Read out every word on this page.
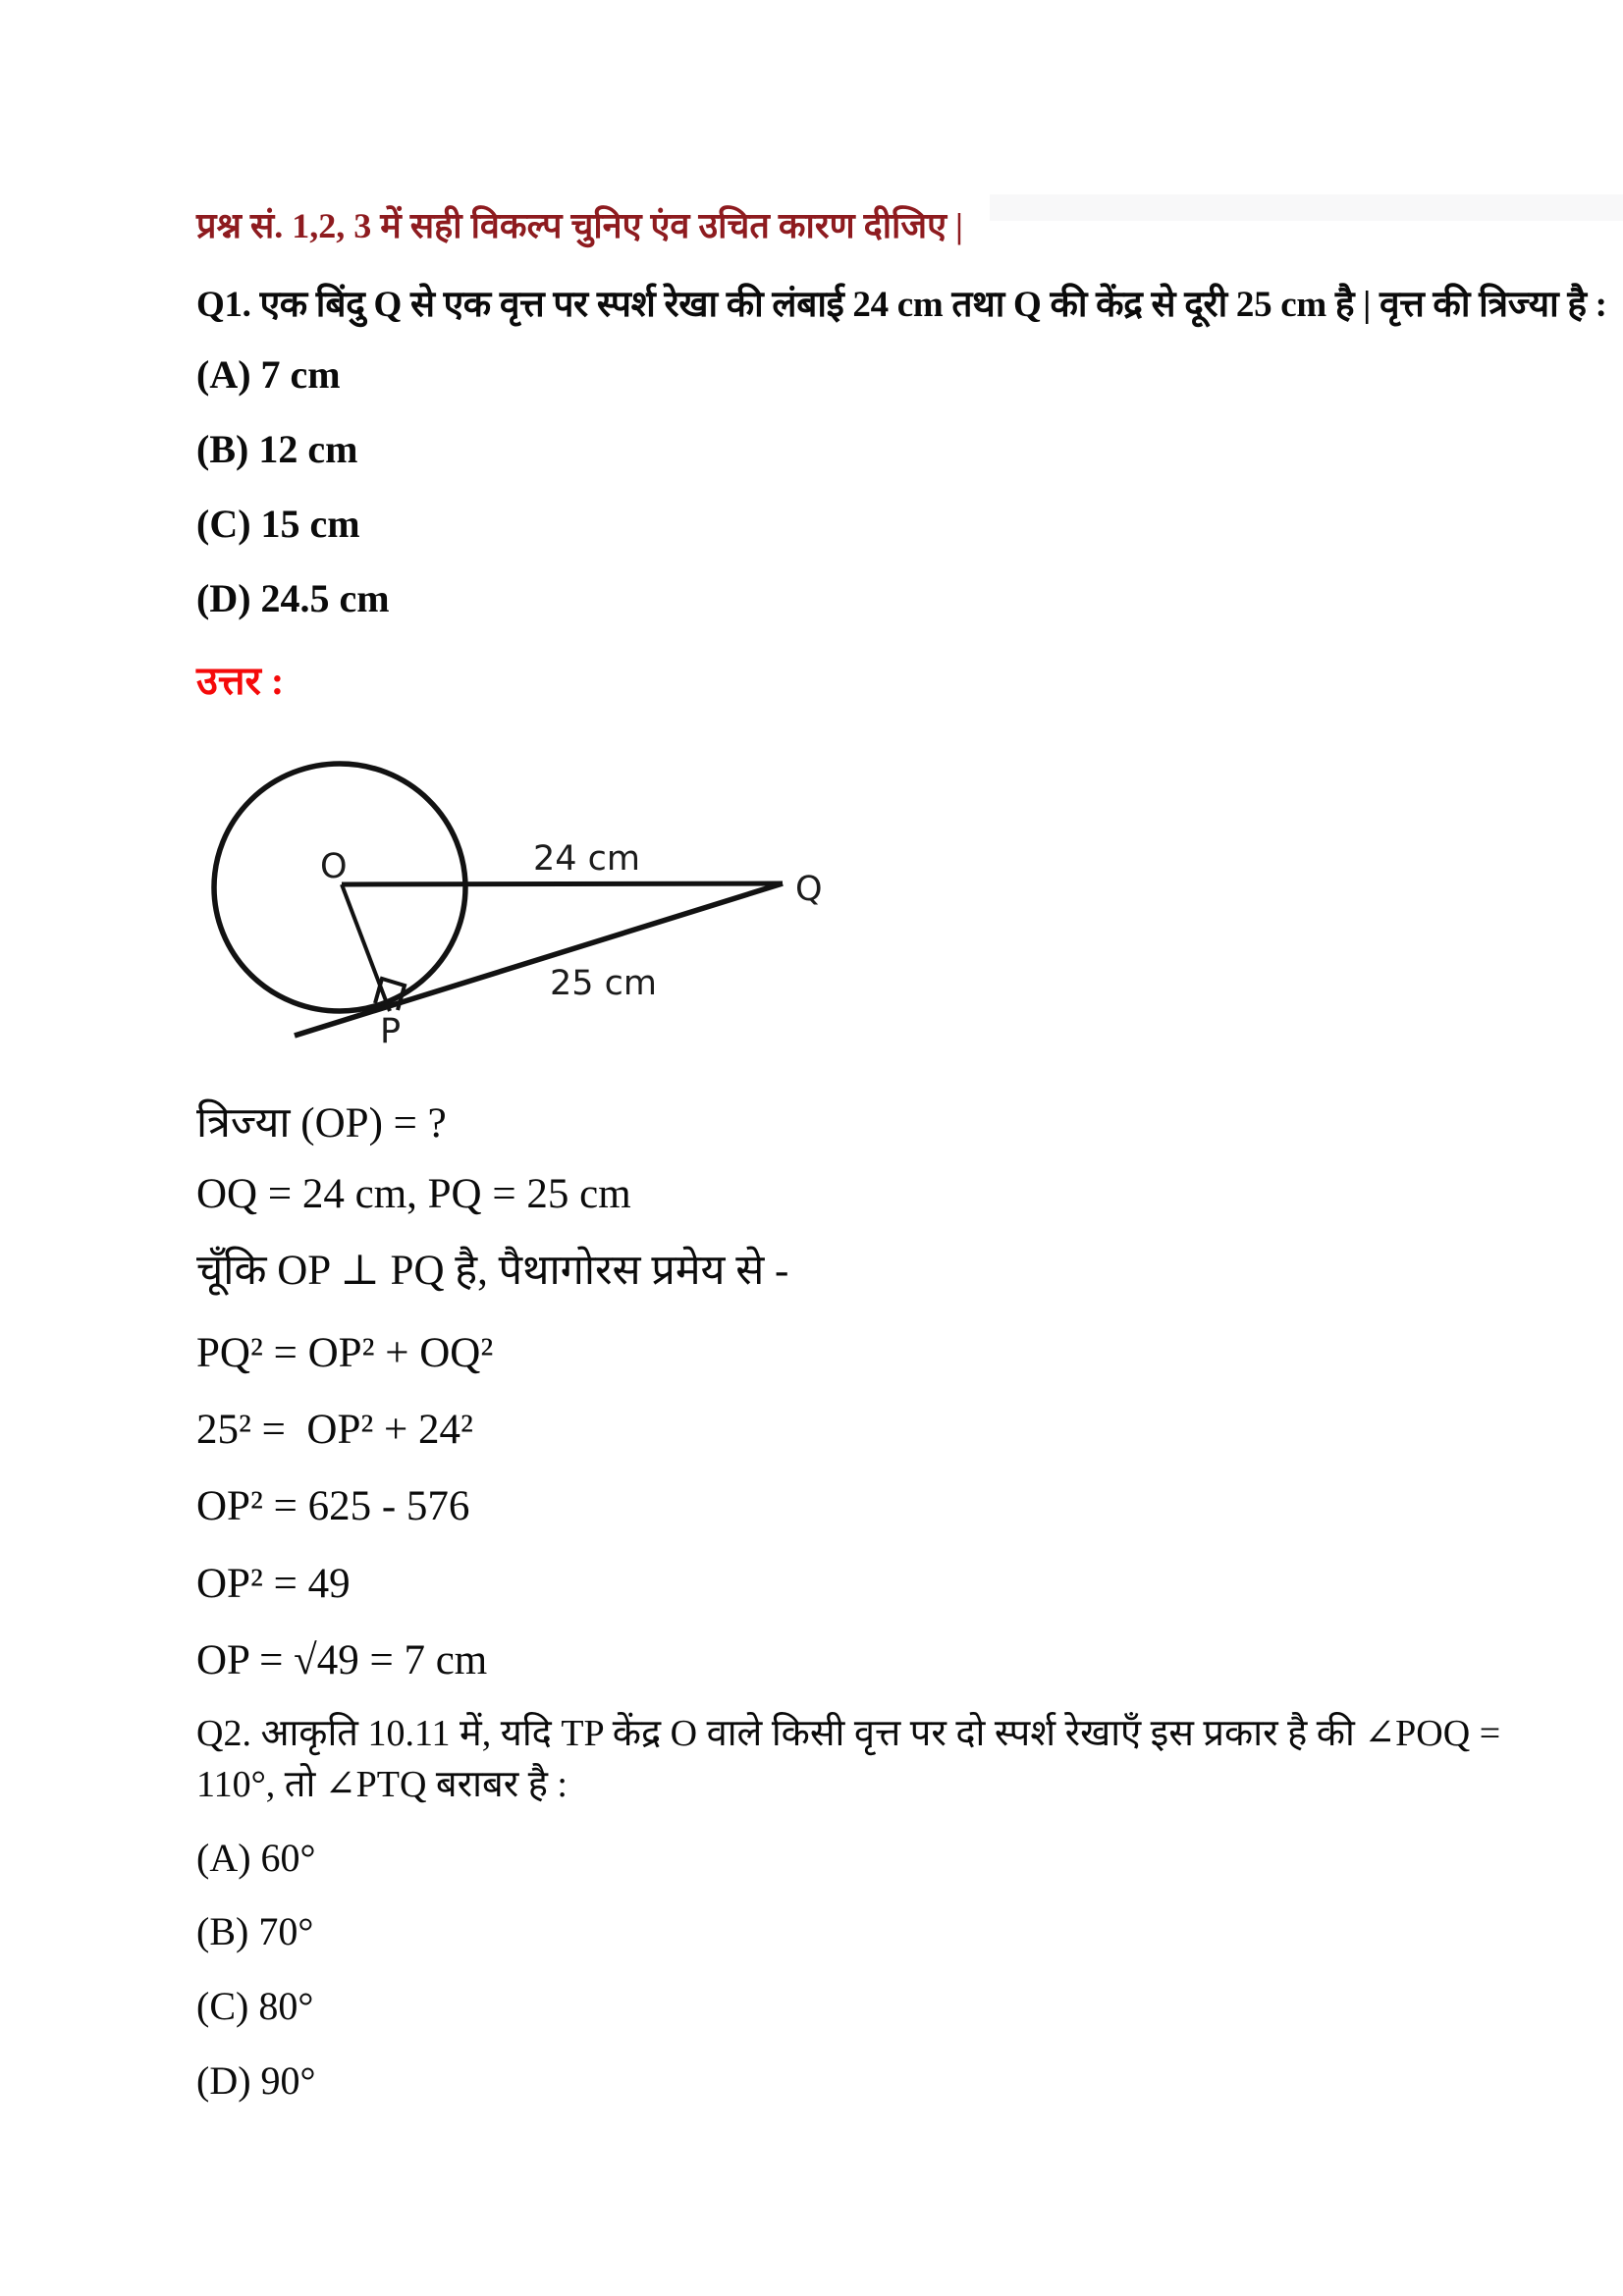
प्रश्न सं. 1,2, 3 में सही विकल्प चुनिए एंव उचित कारण दीजिए |
Q1. एक बिंदु Q से एक वृत्त पर स्पर्श रेखा की लंबाई 24 cm तथा Q की केंद्र से दूरी 25 cm है | वृत्त की त्रिज्या है :
(A) 7 cm
(B) 12 cm
(C) 15 cm
(D) 24.5 cm
उत्तर :
O
Q
P
24 cm
25 cm
त्रिज्या (OP) = ?
OQ = 24 cm, PQ = 25 cm
चूँकि OP ⊥ PQ है, पैथागोरस प्रमेय से -
PQ² = OP² + OQ²
25² =  OP² + 24²
OP² = 625 - 576
OP² = 49
OP = √49 = 7 cm
Q2. आकृति 10.11 में, यदि TP केंद्र O वाले किसी वृत्त पर दो स्पर्श रेखाएँ इस प्रकार है की ∠POQ = 110°, तो ∠PTQ बराबर है :
(A) 60°
(B) 70°
(C) 80°
(D) 90°
